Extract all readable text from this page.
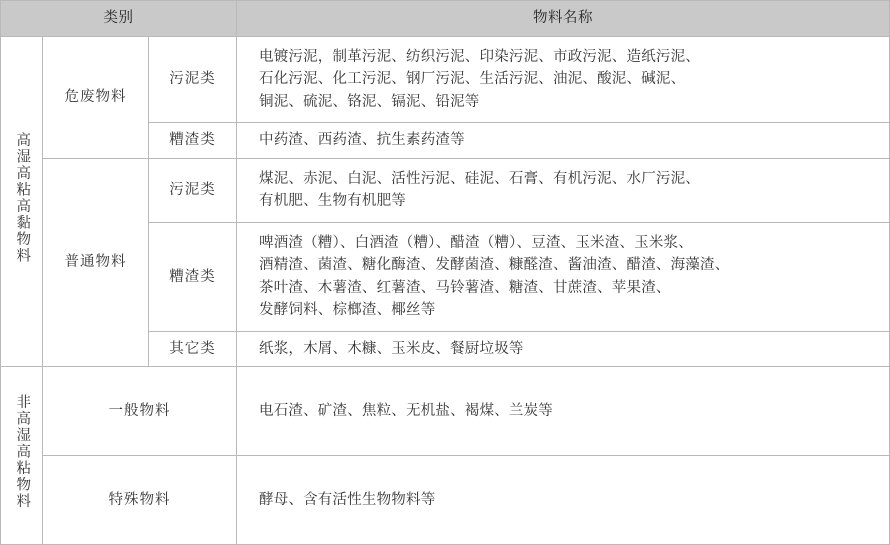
类别			物料名称
高湿高粘高黏物料	危废物料	污泥类	电镀污泥，制革污泥、纺织污泥、印染污泥、市政污泥、造纸污泥、
石化污泥、化工污泥、钢厂污泥、生活污泥、油泥、酸泥、碱泥、
铜泥、硫泥、铬泥、镉泥、铅泥等

		糟渣类	中药渣、西药渣、抗生素药渣等

	普通物料	污泥类	煤泥、赤泥、白泥、活性污泥、硅泥、石膏、有机污泥、水厂污泥、
有机肥、生物有机肥等

		糟渣类	啤酒渣（糟）、白酒渣（糟）、醋渣（糟）、豆渣、玉米渣、玉米浆、
酒精渣、菌渣、糖化酶渣、发酵菌渣、糠醛渣、酱油渣、醋渣、海藻渣、
茶叶渣、木薯渣、红薯渣、马铃薯渣、糖渣、甘蔗渣、苹果渣、
发酵饲料、棕榔渣、椰丝等

		其它类	纸浆，木屑、木糠、玉米皮、餐厨垃圾等

非高湿高粘物料	一般物料		电石渣、矿渣、焦粒、无机盐、褐煤、兰炭等

	特殊物料		酵母、含有活性生物物料等
